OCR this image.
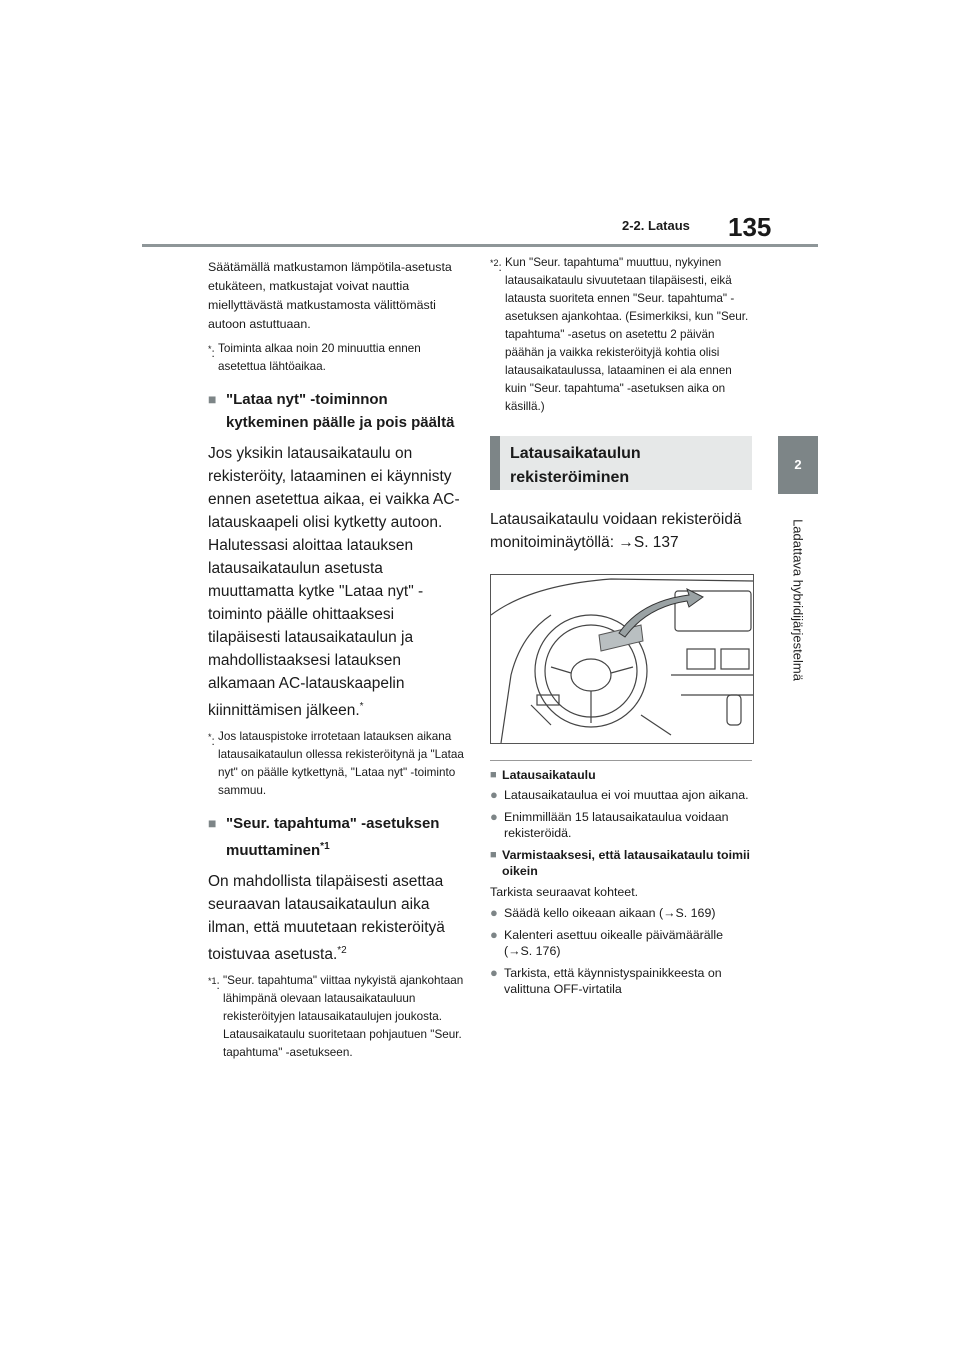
2-2. Lataus 135
2
Ladattava hybridijärjestelmä

Säätämällä matkustamon lämpötila-asetusta etukäteen, matkustajat voivat nauttia miellyttävästä matkustamosta välittömästi autoon astuttuaan.

*: Toiminta alkaa noin 20 minuuttia ennen asetettua lähtöaikaa.
■ "Lataa nyt" -toiminnon kytkeminen päälle ja pois päältä

Jos yksikin latausaikataulu on rekisteröity, lataaminen ei käynnisty ennen asetettua aikaa, ei vaikka AC-latauskaapeli olisi kytketty autoon. Halutessasi aloittaa latauksen latausaikataulun asetusta muuttamatta kytke "Lataa nyt" -toiminto päälle ohittaaksesi tilapäisesti latausaikataulun ja mahdollistaaksesi latauksen alkamaan AC-latauskaapelin kiinnittämisen jälkeen.*

*: Jos latauspistoke irrotetaan latauksen aikana latausaikataulun ollessa rekisteröitynä ja "Lataa nyt" on päälle kytkettynä, "Lataa nyt" -toiminto sammuu.
■ "Seur. tapahtuma" -asetuksen muuttaminen$^{*1}$

On mahdollista tilapäisesti asettaa seuraavan latausaikataulun aika ilman, että muutetaan rekisteröityä toistuvaa asetusta.$^{*2}$

$^{*1}$: "Seur. tapahtuma" viittaa nykyistä ajankohtaan lähimpänä olevaan latausaikatauluun rekisteröityjen latausaikataulujen joukosta. Latausaikataulu suoritetaan pohjautuen "Seur. tapahtuma" -asetukseen.
$^{*2}$: Kun "Seur. tapahtuma" muuttuu, nykyinen latausaikataulu sivuutetaan tilapäisesti, eikä latausta suoriteta ennen "Seur. tapahtuma" -asetuksen ajankohtaa. (Esimerkiksi, kun "Seur. tapahtuma" -asetus on asetettu 2 päivän päähän ja vaikka rekisteröityjä kohtia olisi latausaikataulussa, lataaminen ei ala ennen kuin "Seur. tapahtuma" -asetuksen aika on käsillä.)
Latausaikataulun
rekisteröiminen

Latausaikataulu voidaan rekisteröidä monitoiminäytöllä: →S. 137

■ Latausaikataulu
● Latausaikataulua ei voi muuttaa ajon aikana.
● Enimmillään 15 latausaikataulua voidaan rekisteröidä.
■ Varmistaaksesi, että latausaikataulu toimii oikein

Tarkista seuraavat kohteet.

● Säädä kello oikeaan aikaan (→S. 169)
● Kalenteri asettuu oikealle päivämäärälle (→S. 176)
● Tarkista, että käynnistyspainikkeesta on valittuna OFF-virtatila
